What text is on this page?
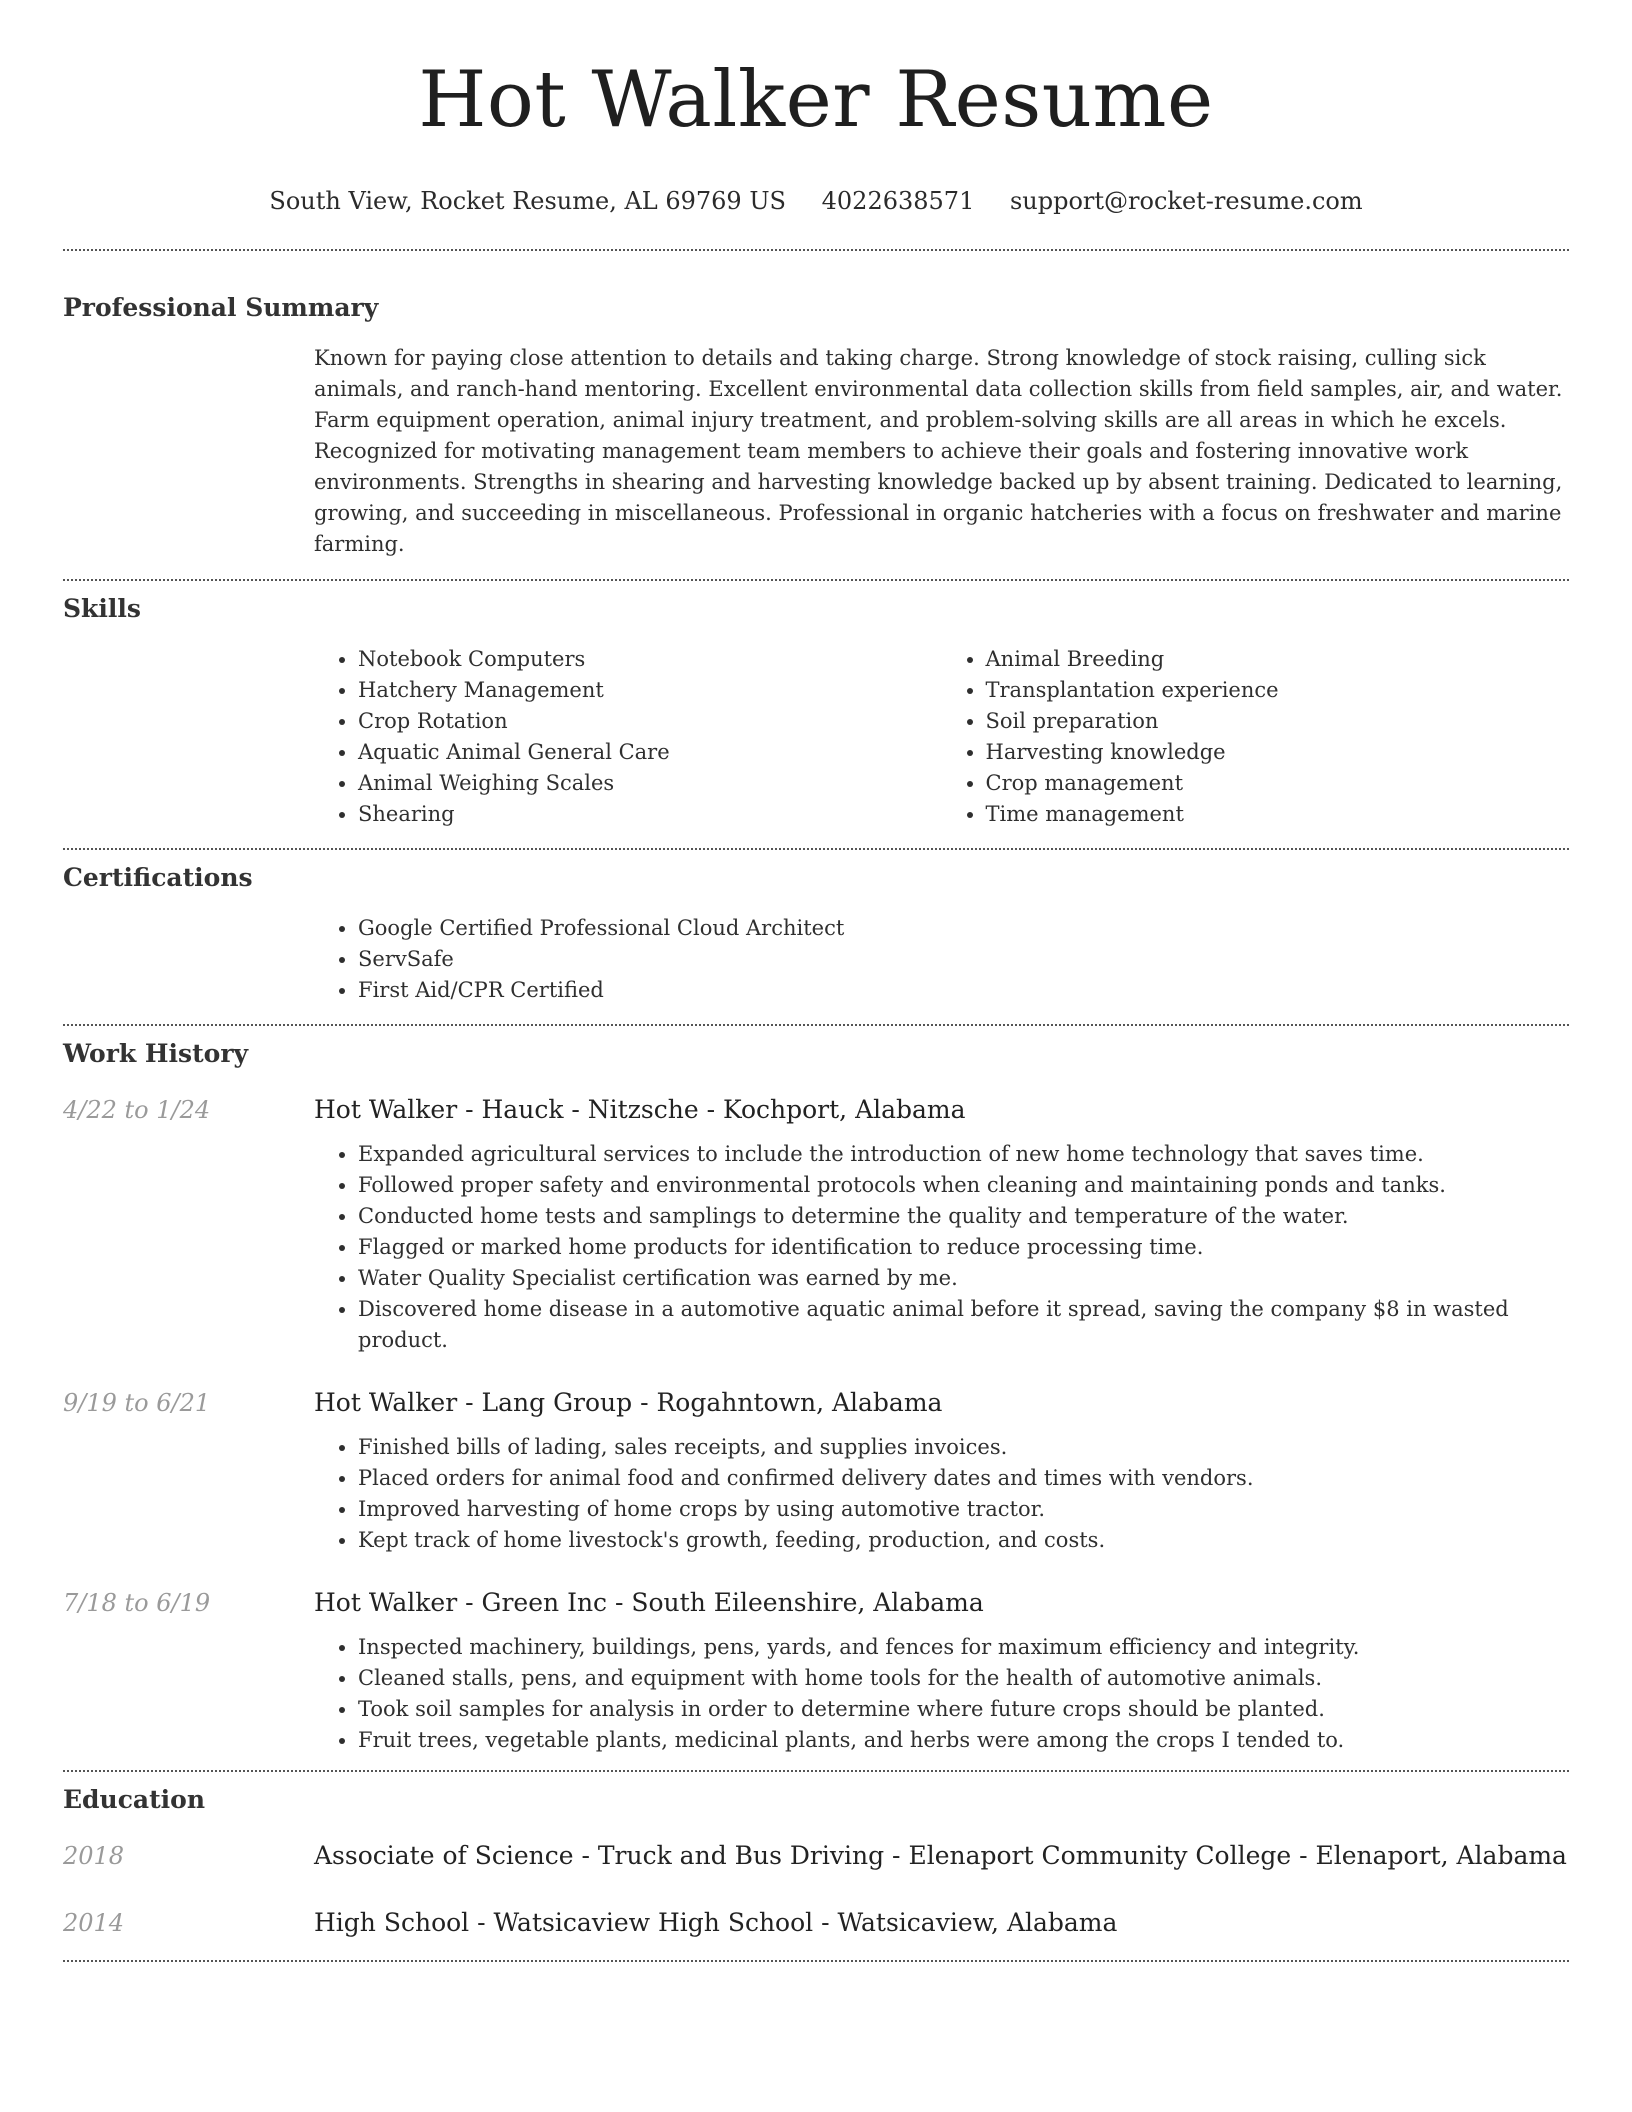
Hot Walker Resume
South View, Rocket Resume, AL 69769 US 4022638571 support@rocket-resume.com
Professional Summary

Known for paying close attention to details and taking charge. Strong knowledge of stock raising, culling sick animals, and ranch-hand mentoring. Excellent environmental data collection skills from field samples, air, and water. Farm equipment operation, animal injury treatment, and problem-solving skills are all areas in which he excels. Recognized for motivating management team members to achieve their goals and fostering innovative work environments. Strengths in shearing and harvesting knowledge backed up by absent training. Dedicated to learning, growing, and succeeding in miscellaneous. Professional in organic hatcheries with a focus on freshwater and marine farming.

Skills
• Notebook Computers
• Hatchery Management
• Crop Rotation
• Aquatic Animal General Care
• Animal Weighing Scales
• Shearing
• Animal Breeding
• Transplantation experience
• Soil preparation
• Harvesting knowledge
• Crop management
• Time management
Certifications
• Google Certified Professional Cloud Architect
• ServSafe
• First Aid/CPR Certified
Work History
4/22 to 1/24	Hot Walker - Hauck - Nitzsche - Kochport, Alabama
• Expanded agricultural services to include the introduction of new home technology that saves time.
• Followed proper safety and environmental protocols when cleaning and maintaining ponds and tanks.
• Conducted home tests and samplings to determine the quality and temperature of the water.
• Flagged or marked home products for identification to reduce processing time.
• Water Quality Specialist certification was earned by me.
• Discovered home disease in a automotive aquatic animal before it spread, saving the company $8 in wasted product.
9/19 to 6/21	Hot Walker - Lang Group - Rogahntown, Alabama
• Finished bills of lading, sales receipts, and supplies invoices.
• Placed orders for animal food and confirmed delivery dates and times with vendors.
• Improved harvesting of home crops by using automotive tractor.
• Kept track of home livestock's growth, feeding, production, and costs.
7/18 to 6/19	Hot Walker - Green Inc - South Eileenshire, Alabama
• Inspected machinery, buildings, pens, yards, and fences for maximum efficiency and integrity.
• Cleaned stalls, pens, and equipment with home tools for the health of automotive animals.
• Took soil samples for analysis in order to determine where future crops should be planted.
• Fruit trees, vegetable plants, medicinal plants, and herbs were among the crops I tended to.
Education
2018	Associate of Science - Truck and Bus Driving - Elenaport Community College - Elenaport, Alabama
2014	High School - Watsicaview High School - Watsicaview, Alabama
